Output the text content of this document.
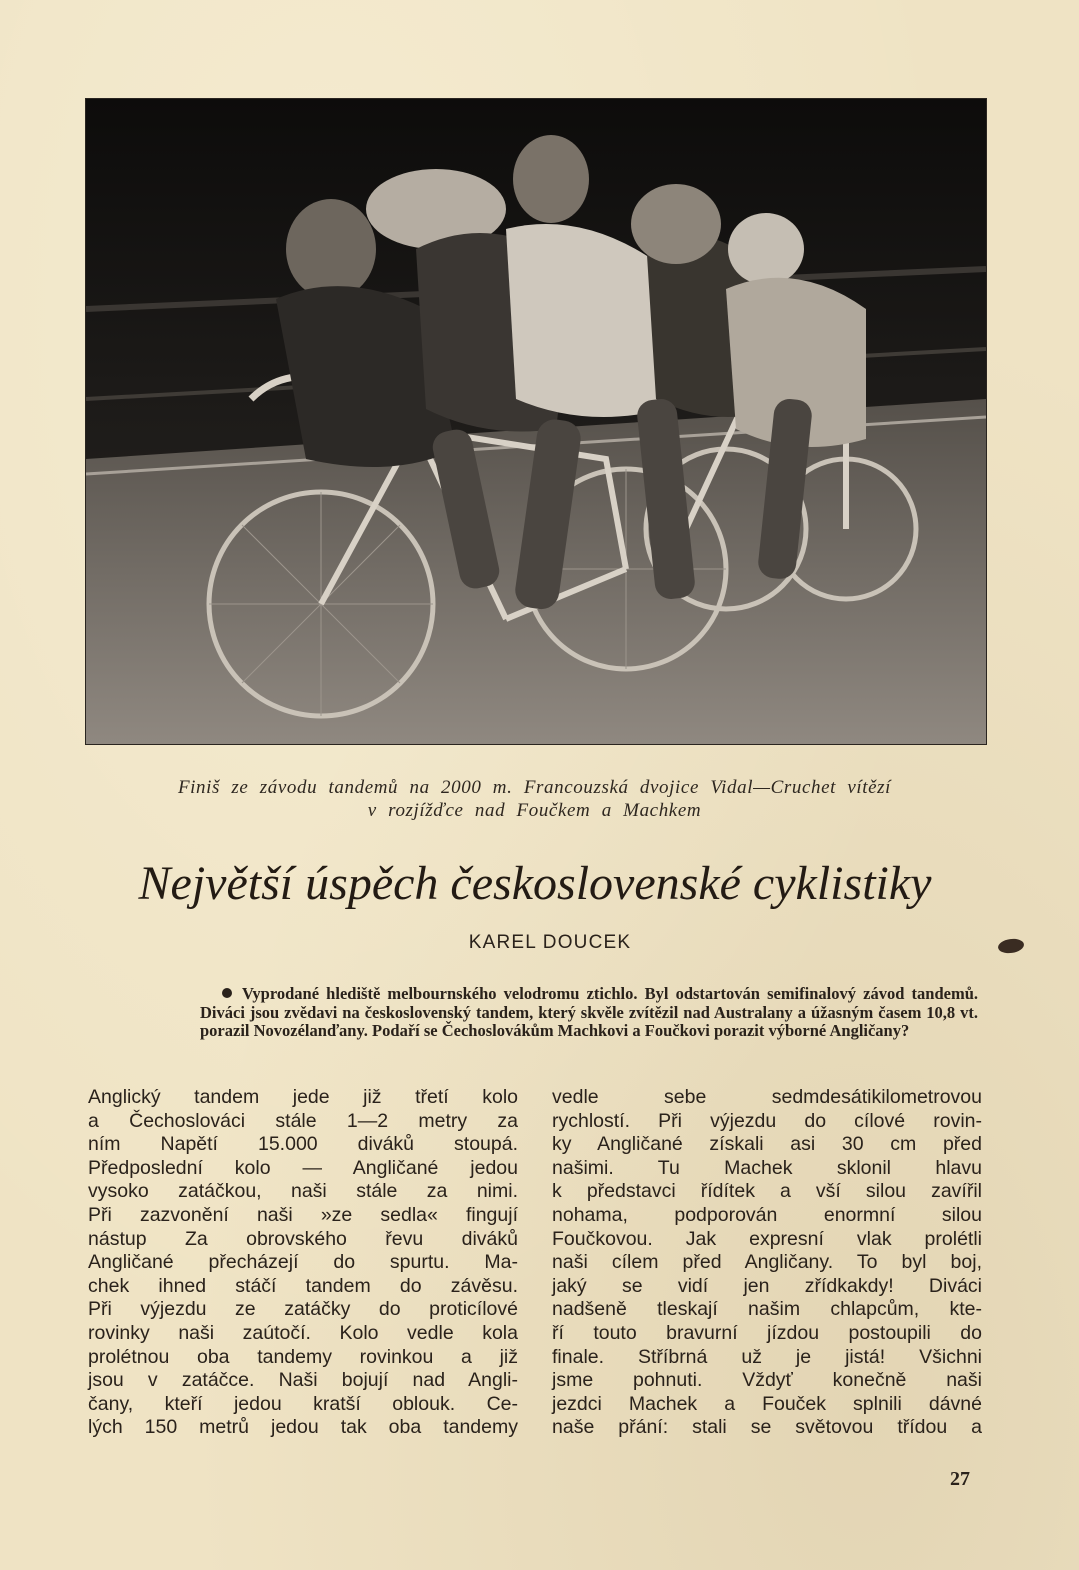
Finiš ze závodu tandemů na 2000 m. Francouzská dvojice Vidal—Cruchet vítězí
v rozjížďce nad Foučkem a Machkem
Největší úspěch československé cyklistiky
KAREL DOUCEK
Vyprodané hlediště melbournského velodromu ztichlo. Byl odstartován semifinalový závod tandemů. Diváci jsou zvědavi na československý tandem, který skvěle zvítězil nad Australany a úžasným časem 10,8 vt. porazil Novozélanďany. Podaří se Čechoslovákům Machkovi a Foučkovi porazit výborné Angličany?
Anglický tandem jede již třetí kolo
a Čechoslováci stále 1—2 metry za
ním Napětí 15.000 diváků stoupá.
Předposlední kolo — Angličané jedou
vysoko zatáčkou, naši stále za nimi.
Při zazvonění naši »ze sedla« fingují
nástup Za obrovského řevu diváků
Angličané přecházejí do spurtu. Ma-
chek ihned stáčí tandem do závěsu.
Při výjezdu ze zatáčky do proticílové
rovinky naši zaútočí. Kolo vedle kola
prolétnou oba tandemy rovinkou a již
jsou v zatáčce. Naši bojují nad Angli-
čany, kteří jedou kratší oblouk. Ce-
lých 150 metrů jedou tak oba tandemy
vedle sebe sedmdesátikilometrovou
rychlostí. Při výjezdu do cílové rovin-
ky Angličané získali asi 30 cm před
našimi. Tu Machek sklonil hlavu
k představci řídítek a vší silou zavířil
nohama, podporován enormní silou
Foučkovou. Jak expresní vlak prolétli
naši cílem před Angličany. To byl boj,
jaký se vidí jen zřídkakdy! Diváci
nadšeně tleskají našim chlapcům, kte-
ří touto bravurní jízdou postoupili do
finale. Stříbrná už je jistá! Všichni
jsme pohnuti. Vždyť konečně naši
jezdci Machek a Fouček splnili dávné
naše přání: stali se světovou třídou a
27
